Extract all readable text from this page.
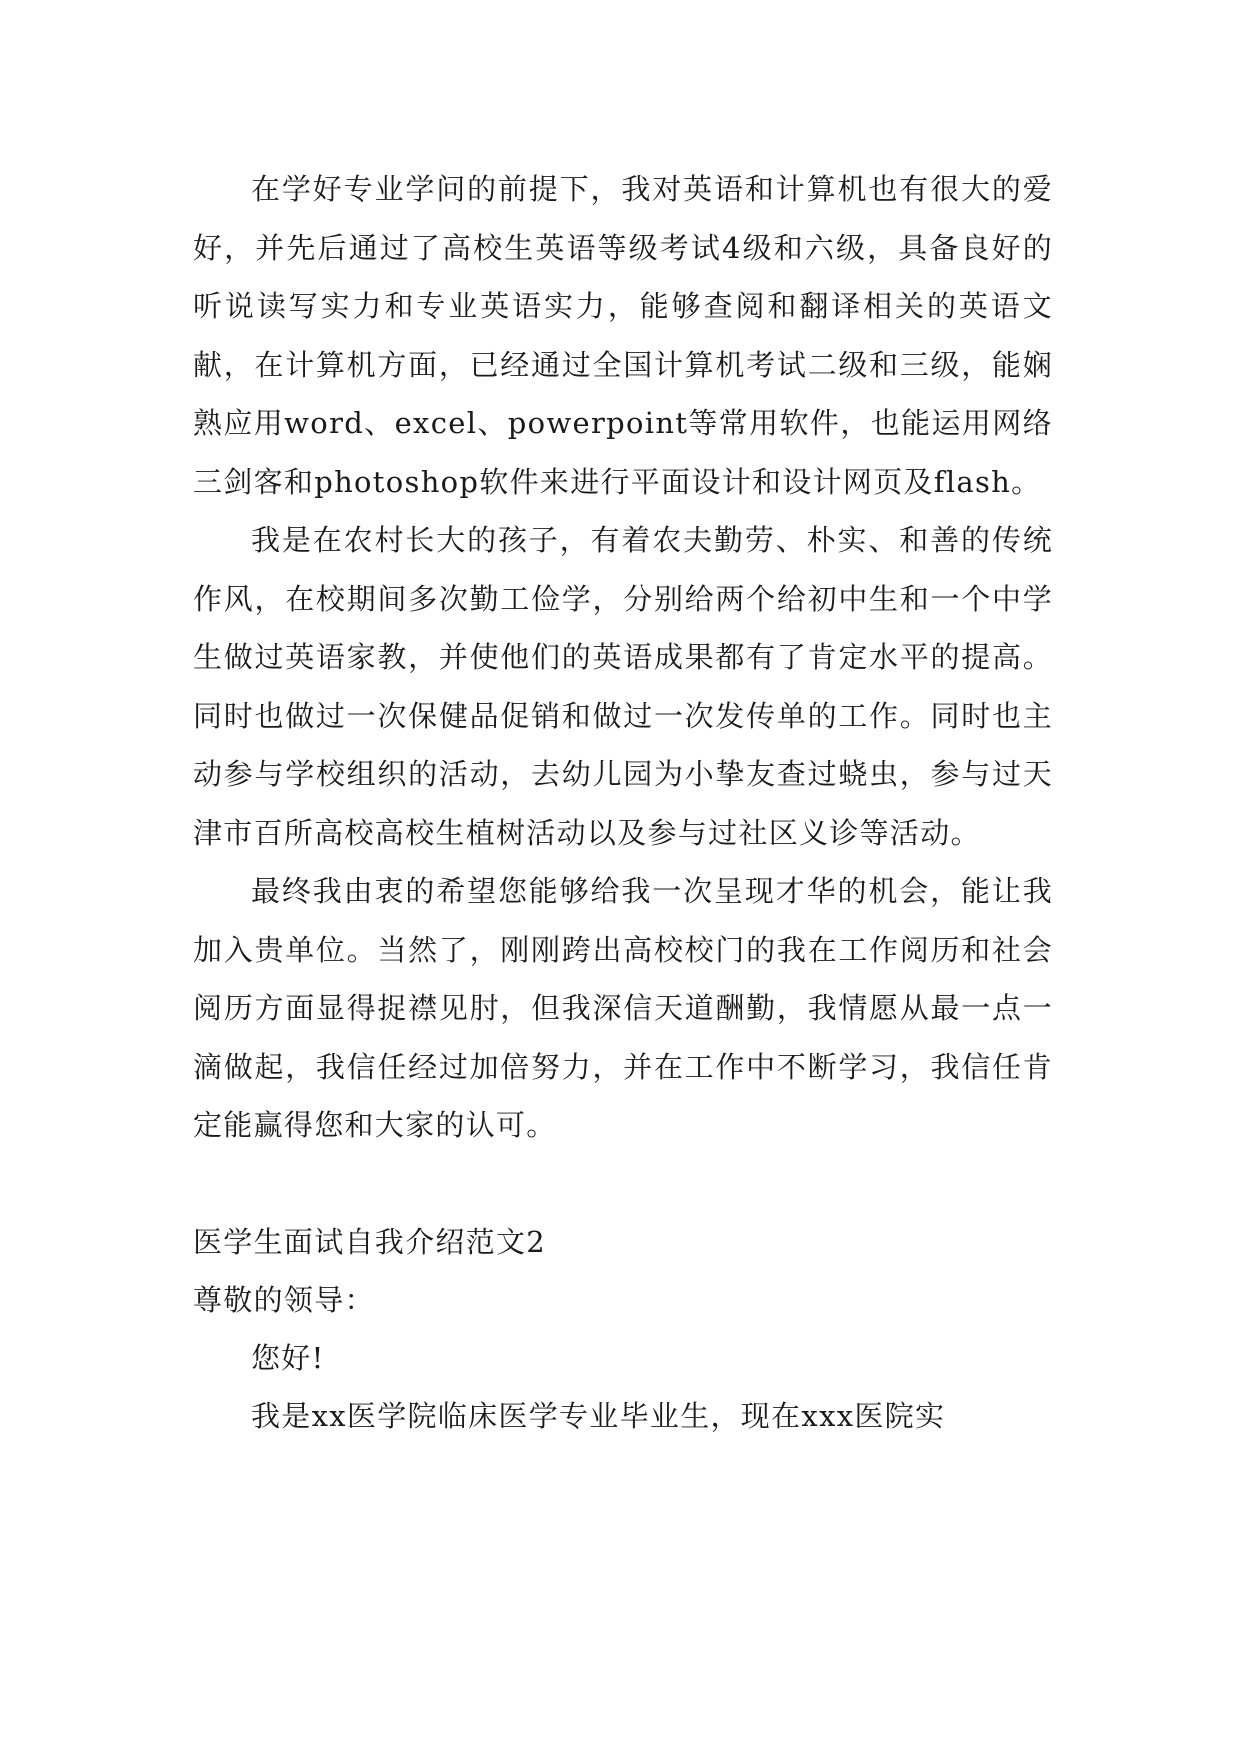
在学好专业学问的前提下，我对英语和计算机也有很大的爱好，并先后通过了高校生英语等级考试4级和六级，具备良好的听说读写实力和专业英语实力，能够查阅和翻译相关的英语文献，在计算机方面，已经通过全国计算机考试二级和三级，能娴熟应用word、excel、powerpoint等常用软件，也能运用网络三剑客和photoshop软件来进行平面设计和设计网页及flash。

我是在农村长大的孩子，有着农夫勤劳、朴实、和善的传统作风，在校期间多次勤工俭学，分别给两个给初中生和一个中学生做过英语家教，并使他们的英语成果都有了肯定水平的提高。同时也做过一次保健品促销和做过一次发传单的工作。同时也主动参与学校组织的活动，去幼儿园为小挚友查过蛲虫，参与过天津市百所高校高校生植树活动以及参与过社区义诊等活动。

最终我由衷的希望您能够给我一次呈现才华的机会，能让我加入贵单位。当然了，刚刚跨出高校校门的我在工作阅历和社会阅历方面显得捉襟见肘，但我深信天道酬勤，我情愿从最一点一滴做起，我信任经过加倍努力，并在工作中不断学习，我信任肯定能赢得您和大家的认可。

医学生面试自我介绍范文2

尊敬的领导：

您好!

我是xx医学院临床医学专业毕业生，现在xxx医院实
